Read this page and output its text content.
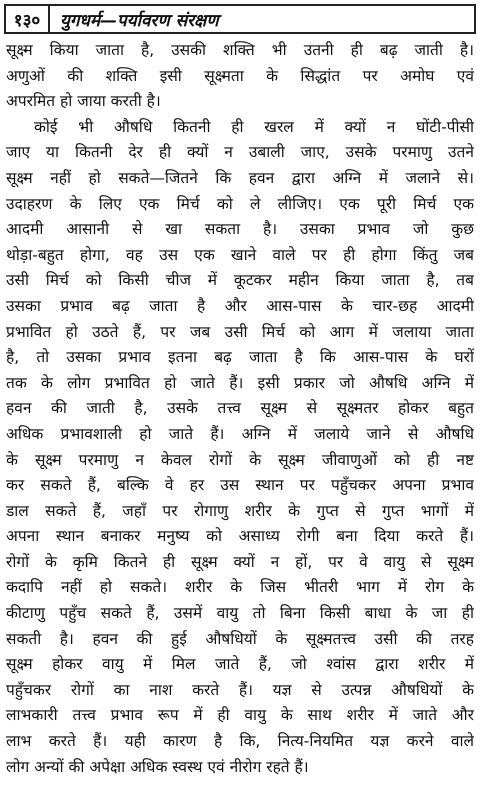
१३०	युगधर्म—पर्यावरण संरक्षण
सूक्ष्म किया जाता है, उसकी शक्ति भी उतनी ही बढ़ जाती है।
अणुओं की शक्ति इसी सूक्ष्मता के सिद्धांत पर अमोघ एवं
अपरमित हो जाया करती है।
कोई भी औषधि कितनी ही खरल में क्यों न घोंटी-पीसी
जाए या कितनी देर ही क्यों न उबाली जाए, उसके परमाणु उतने
सूक्ष्म नहीं हो सकते—जितने कि हवन द्वारा अग्नि में जलाने से।
उदाहरण के लिए एक मिर्च को ले लीजिए। एक पूरी मिर्च एक
आदमी आसानी से खा सकता है। उसका प्रभाव जो कुछ
थोड़ा-बहुत होगा, वह उस एक खाने वाले पर ही होगा किंतु जब
उसी मिर्च को किसी चीज में कूटकर महीन किया जाता है, तब
उसका प्रभाव बढ़ जाता है और आस-पास के चार-छह आदमी
प्रभावित हो उठते हैं, पर जब उसी मिर्च को आग में जलाया जाता
है, तो उसका प्रभाव इतना बढ़ जाता है कि आस-पास के घरों
तक के लोग प्रभावित हो जाते हैं। इसी प्रकार जो औषधि अग्नि में
हवन की जाती है, उसके तत्त्व सूक्ष्म से सूक्ष्मतर होकर बहुत
अधिक प्रभावशाली हो जाते हैं। अग्नि में जलाये जाने से औषधि
के सूक्ष्म परमाणु न केवल रोगों के सूक्ष्म जीवाणुओं को ही नष्ट
कर सकते हैं, बल्कि वे हर उस स्थान पर पहुँचकर अपना प्रभाव
डाल सकते हैं, जहाँ पर रोगाणु शरीर के गुप्त से गुप्त भागों में
अपना स्थान बनाकर मनुष्य को असाध्य रोगी बना दिया करते हैं।
रोगों के कृमि कितने ही सूक्ष्म क्यों न हों, पर वे वायु से सूक्ष्म
कदापि नहीं हो सकते। शरीर के जिस भीतरी भाग में रोग के
कीटाणु पहुँच सकते हैं, उसमें वायु तो बिना किसी बाधा के जा ही
सकती है। हवन की हुई औषधियों के सूक्ष्मतत्त्व उसी की तरह
सूक्ष्म होकर वायु में मिल जाते हैं, जो श्वांस द्वारा शरीर में
पहुँचकर रोगों का नाश करते हैं। यज्ञ से उत्पन्न औषधियों के
लाभकारी तत्त्व प्रभाव रूप में ही वायु के साथ शरीर में जाते और
लाभ करते हैं। यही कारण है कि, नित्य-नियमित यज्ञ करने वाले
लोग अन्यों की अपेक्षा अधिक स्वस्थ एवं नीरोग रहते हैं।
